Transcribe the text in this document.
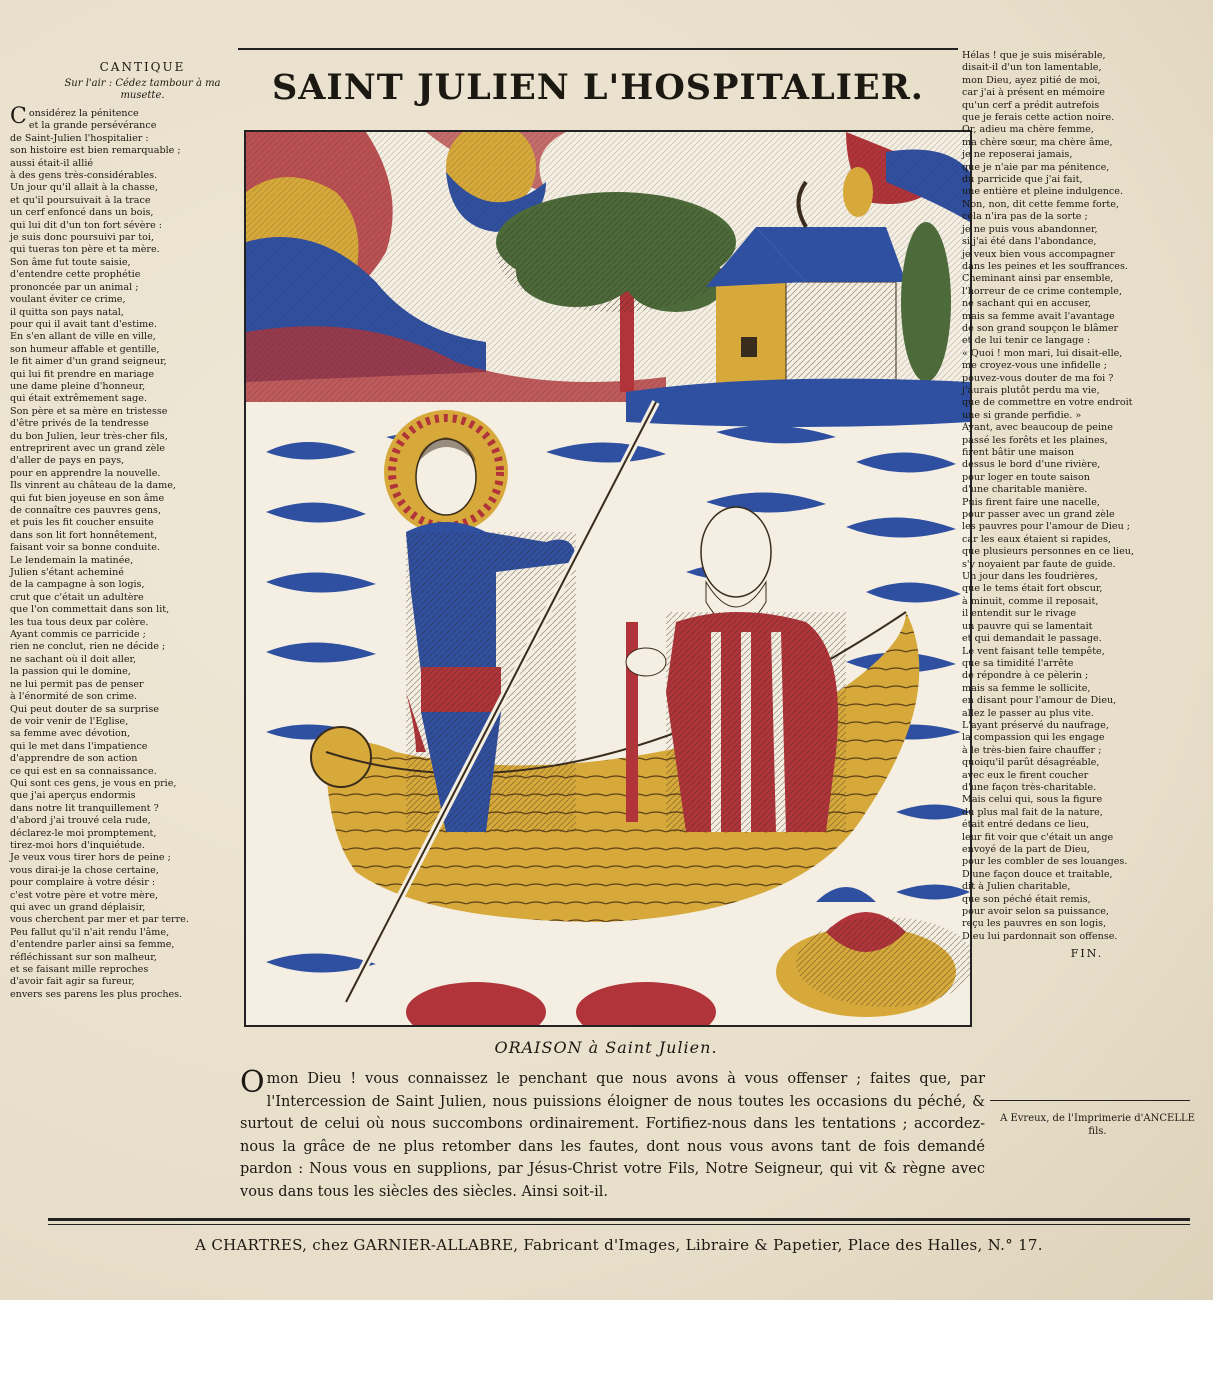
CANTIQUE
Sur l'air : Cédez tambour à ma musette.

Considérez la pénitence

et la grande persévérance
de Saint-Julien l'hospitalier :
son histoire est bien remarquable ;
aussi était-il allié
à des gens très-considérables.

Un jour qu'il allait à la chasse,
et qu'il poursuivait à la trace
un cerf enfoncé dans un bois,
qui lui dit d'un ton fort sévère :
je suis donc poursuivi par toi,
qui tueras ton père et ta mère.

Son âme fut toute saisie,
d'entendre cette prophétie
prononcée par un animal ;
voulant éviter ce crime,
il quitta son pays natal,
pour qui il avait tant d'estime.

En s'en allant de ville en ville,
son humeur affable et gentille,
le fit aimer d'un grand seigneur,
qui lui fit prendre en mariage
une dame pleine d'honneur,
qui était extrêmement sage.

Son père et sa mère en tristesse
d'être privés de la tendresse
du bon Julien, leur très-cher fils,
entreprirent avec un grand zèle
d'aller de pays en pays,
pour en apprendre la nouvelle.

Ils vinrent au château de la dame,
qui fut bien joyeuse en son âme
de connaître ces pauvres gens,
et puis les fit coucher ensuite
dans son lit fort honnêtement,
faisant voir sa bonne conduite.

Le lendemain la matinée,
Julien s'étant acheminé
de la campagne à son logis,
crut que c'était un adultère
que l'on commettait dans son lit,
les tua tous deux par colère.

Ayant commis ce parricide ;
rien ne conclut, rien ne décide ;
ne sachant où il doit aller,
la passion qui le domine,
ne lui permit pas de penser
à l'énormité de son crime.

Qui peut douter de sa surprise
de voir venir de l'Eglise,
sa femme avec dévotion,
qui le met dans l'impatience
d'apprendre de son action
ce qui est en sa connaissance.

Qui sont ces gens, je vous en prie,
que j'ai aperçus endormis
dans notre lit tranquillement ?
d'abord j'ai trouvé cela rude,
déclarez-le moi promptement,
tirez-moi hors d'inquiétude.

Je veux vous tirer hors de peine ;
vous dirai-je la chose certaine,
pour complaire à votre désir :
c'est votre père et votre mère,
qui avec un grand déplaisir,
vous cherchent par mer et par terre.

Peu fallut qu'il n'ait rendu l'âme,
d'entendre parler ainsi sa femme,
réfléchissant sur son malheur,
et se faisant mille reproches
d'avoir fait agir sa fureur,
envers ses parens les plus proches.

SAINT JULIEN L'HOSPITALIER.

Hélas ! que je suis misérable,
disait-il d'un ton lamentable,
mon Dieu, ayez pitié de moi,
car j'ai à présent en mémoire
qu'un cerf a prédit autrefois
que je ferais cette action noire.

Or, adieu ma chère femme,
ma chère sœur, ma chère âme,
je ne reposerai jamais,
que je n'aie par ma pénitence,
du parricide que j'ai fait,
une entière et pleine indulgence.

Non, non, dit cette femme forte,
cela n'ira pas de la sorte ;
je ne puis vous abandonner,
si j'ai été dans l'abondance,
je veux bien vous accompagner
dans les peines et les souffrances.

Cheminant ainsi par ensemble,
l'horreur de ce crime contemple,
ne sachant qui en accuser,
mais sa femme avait l'avantage
de son grand soupçon le blâmer
et de lui tenir ce langage :

« Quoi ! mon mari, lui disait-elle,
me croyez-vous une infidelle ;
pouvez-vous douter de ma foi ?
j'aurais plutôt perdu ma vie,
que de commettre en votre endroit
une si grande perfidie. »

Ayant, avec beaucoup de peine
passé les forêts et les plaines,
firent bâtir une maison
dessus le bord d'une rivière,
pour loger en toute saison
d'une charitable manière.

Puis firent faire une nacelle,
pour passer avec un grand zèle
les pauvres pour l'amour de Dieu ;
car les eaux étaient si rapides,
que plusieurs personnes en ce lieu,
s'y noyaient par faute de guide.

Un jour dans les foudrières,
que le tems était fort obscur,
à minuit, comme il reposait,
il entendit sur le rivage
un pauvre qui se lamentait
et qui demandait le passage.

Le vent faisant telle tempête,
que sa timidité l'arrête
de répondre à ce pèlerin ;
mais sa femme le sollicite,
en disant pour l'amour de Dieu,
allez le passer au plus vite.

L'ayant préservé du naufrage,
la compassion qui les engage
à le très-bien faire chauffer ;
quoiqu'il parût désagréable,
avec eux le firent coucher
d'une façon très-charitable.

Mais celui qui, sous la figure
du plus mal fait de la nature,
était entré dedans ce lieu,
leur fit voir que c'était un ange
envoyé de la part de Dieu,
pour les combler de ses louanges.

D'une façon douce et traitable,
dit à Julien charitable,
que son péché était remis,
pour avoir selon sa puissance,
reçu les pauvres en son logis,
Dieu lui pardonnait son offense.

FIN.
A Evreux, de l'Imprimerie d'ANCELLE fils.
ORAISON à Saint Julien.
O mon Dieu ! vous connaissez le penchant que nous avons à vous offenser ; faites que, par l'Intercession de Saint Julien, nous puissions éloigner de nous toutes les occasions du péché, & surtout de celui où nous succombons ordinairement. Fortifiez-nous dans les tentations ; accordez-nous la grâce de ne plus retomber dans les fautes, dont nous vous avons tant de fois demandé pardon : Nous vous en supplions, par Jésus-Christ votre Fils, Notre Seigneur, qui vit & règne avec vous dans tous les siècles des siècles. Ainsi soit-il.
A CHARTRES, chez GARNIER-ALLABRE, Fabricant d'Images, Libraire & Papetier, Place des Halles, N.° 17.
